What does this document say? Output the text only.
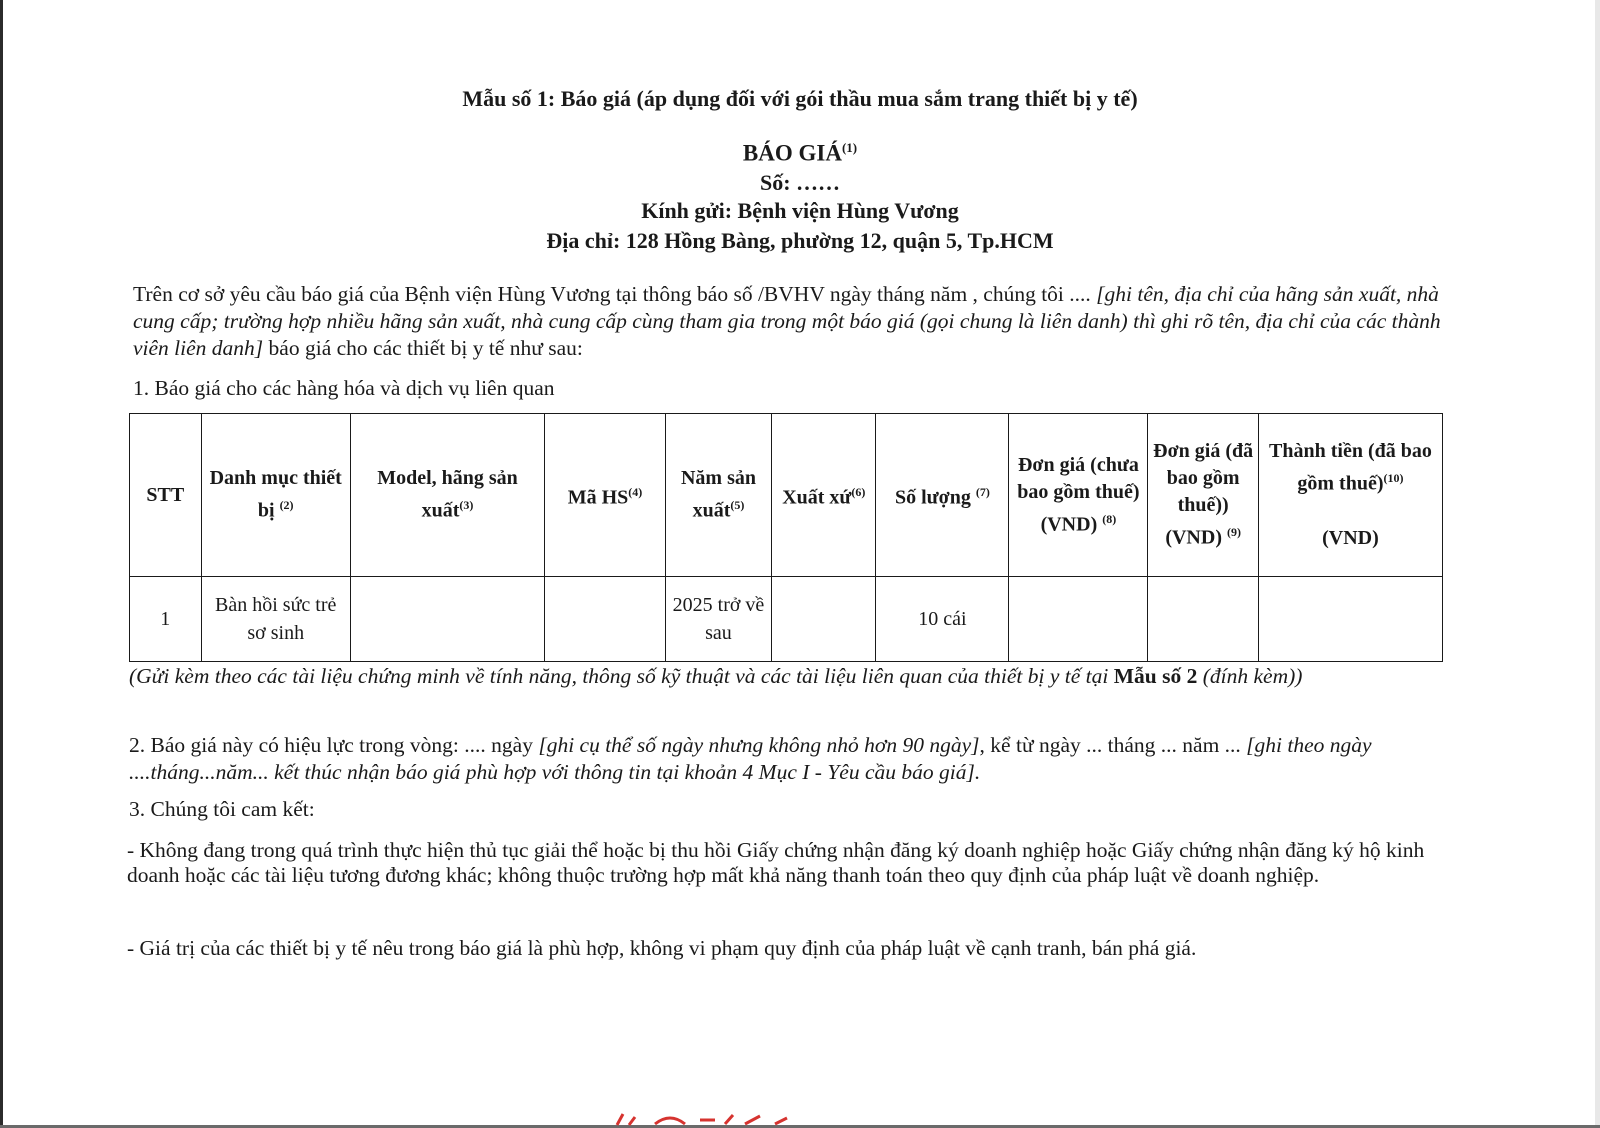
Mẫu số 1: Báo giá (áp dụng đối với gói thầu mua sắm trang thiết bị y tế)
BÁO GIÁ$^{(1)}$
Số: ……
Kính gửi: Bệnh viện Hùng Vương
Địa chỉ: 128 Hồng Bàng, phường 12, quận 5, Tp.HCM
Trên cơ sở yêu cầu báo giá của Bệnh viện Hùng Vương tại thông báo số /BVHV ngày tháng năm , chúng tôi .... [ghi tên, địa chỉ của hãng sản xuất, nhà cung cấp; trường hợp nhiều hãng sản xuất, nhà cung cấp cùng tham gia trong một báo giá (gọi chung là liên danh) thì ghi rõ tên, địa chỉ của các thành viên liên danh] báo giá cho các thiết bị y tế như sau:
1. Báo giá cho các hàng hóa và dịch vụ liên quan
STT	Danh mục thiết bị $^{(2)}$	Model, hãng sản xuất$^{(3)}$	Mã HS$^{(4)}$	Năm sản xuất$^{(5)}$	Xuất xứ$^{(6)}$	Số lượng $^{(7)}$	Đơn giá (chưa bao gồm thuế) (VND) $^{(8)}$	Đơn giá (đã bao gồm thuế)) (VND) $^{(9)}$	Thành tiền (đã bao gồm thuế)$^{(10)}$

(VND)
1	Bàn hồi sức trẻ sơ sinh			2025 trở về sau		10 cái			
(Gửi kèm theo các tài liệu chứng minh về tính năng, thông số kỹ thuật và các tài liệu liên quan của thiết bị y tế tại Mẫu số 2 (đính kèm))
2. Báo giá này có hiệu lực trong vòng: .... ngày [ghi cụ thể số ngày nhưng không nhỏ hơn 90 ngày], kể từ ngày ... tháng ... năm ... [ghi theo ngày ....tháng...năm... kết thúc nhận báo giá phù hợp với thông tin tại khoản 4 Mục I - Yêu cầu báo giá].
3. Chúng tôi cam kết:
- Không đang trong quá trình thực hiện thủ tục giải thể hoặc bị thu hồi Giấy chứng nhận đăng ký doanh nghiệp hoặc Giấy chứng nhận đăng ký hộ kinh doanh hoặc các tài liệu tương đương khác; không thuộc trường hợp mất khả năng thanh toán theo quy định của pháp luật về doanh nghiệp.
- Giá trị của các thiết bị y tế nêu trong báo giá là phù hợp, không vi phạm quy định của pháp luật về cạnh tranh, bán phá giá.
